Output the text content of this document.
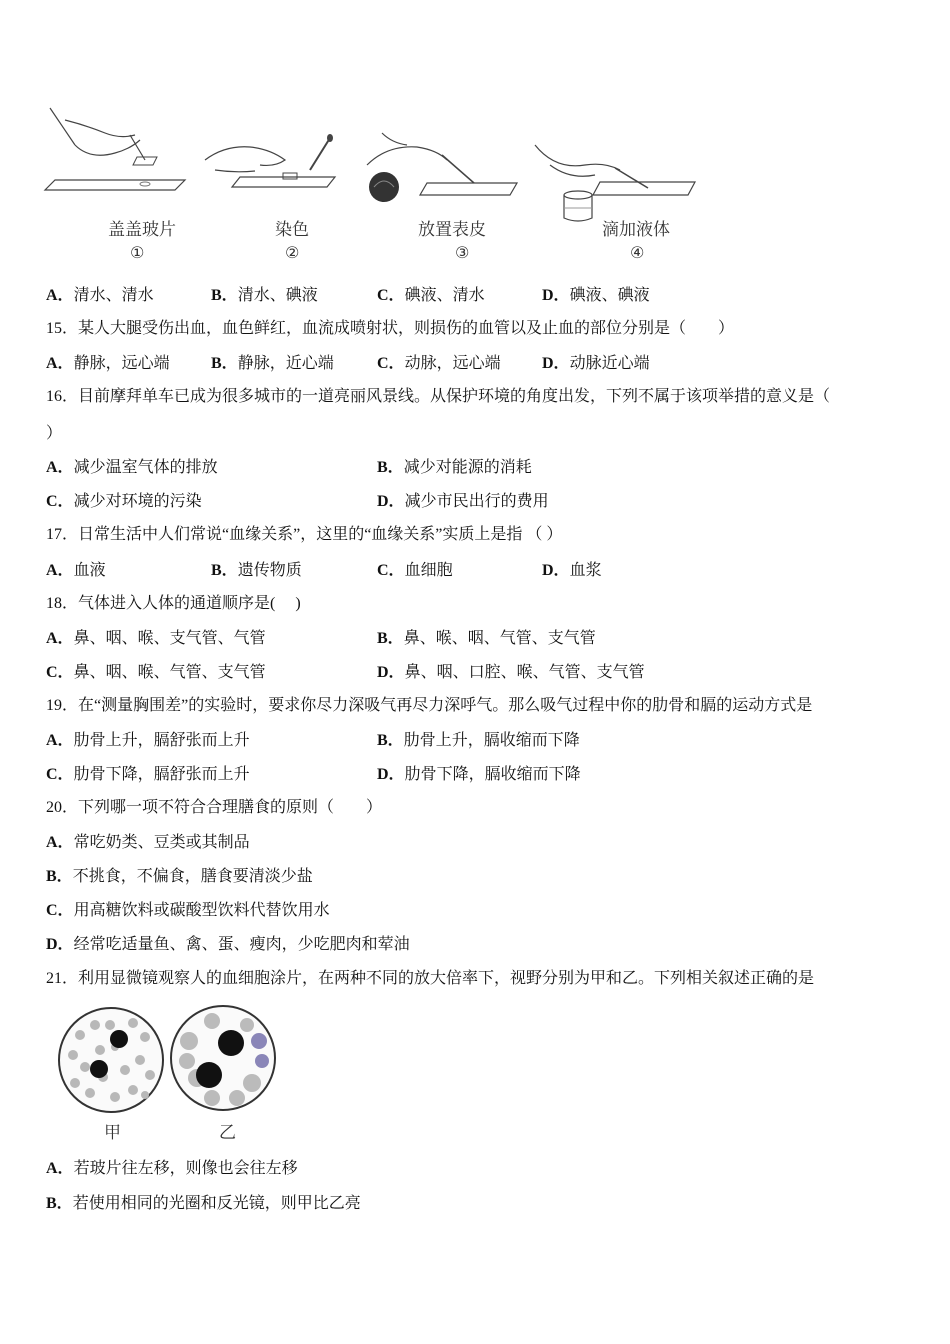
盖盖玻片	染色	放置表皮	滴加液体
①	②	③	④
A．清水、清水	B．清水、碘液	C．碘液、清水	D．碘液、碘液
15．某人大腿受伤出血，血色鲜红，血流成喷射状，则损伤的血管以及止血的部位分别是（　　）
A．静脉，远心端	B．静脉，近心端	C．动脉，远心端	D．动脉近心端
16．目前摩拜单车已成为很多城市的一道亮丽风景线。从保护环境的角度出发，下列不属于该项举措的意义是（
）
A．减少温室气体的排放	B．减少对能源的消耗
C．减少对环境的污染	D．减少市民出行的费用
17．日常生活中人们常说“血缘关系”，这里的“血缘关系”实质上是指 （ ）
A．血液	B．遗传物质	C．血细胞	D．血浆
18．气体进入人体的通道顺序是(　 )
A．鼻、咽、喉、支气管、气管	B．鼻、喉、咽、气管、支气管
C．鼻、咽、喉、气管、支气管	D．鼻、咽、口腔、喉、气管、支气管
19．在“测量胸围差”的实验时，要求你尽力深吸气再尽力深呼气。那么吸气过程中你的肋骨和膈的运动方式是
A．肋骨上升，膈舒张而上升	B．肋骨上升，膈收缩而下降
C．肋骨下降，膈舒张而上升	D．肋骨下降，膈收缩而下降
20．下列哪一项不符合合理膳食的原则（　　）
A．常吃奶类、豆类或其制品
B．不挑食，不偏食，膳食要清淡少盐
C．用高糖饮料或碳酸型饮料代替饮用水
D．经常吃适量鱼、禽、蛋、瘦肉，少吃肥肉和荤油
21．利用显微镜观察人的血细胞涂片，在两种不同的放大倍率下，视野分别为甲和乙。下列相关叙述正确的是
甲	乙
A．若玻片往左移，则像也会往左移
B．若使用相同的光圈和反光镜，则甲比乙亮
